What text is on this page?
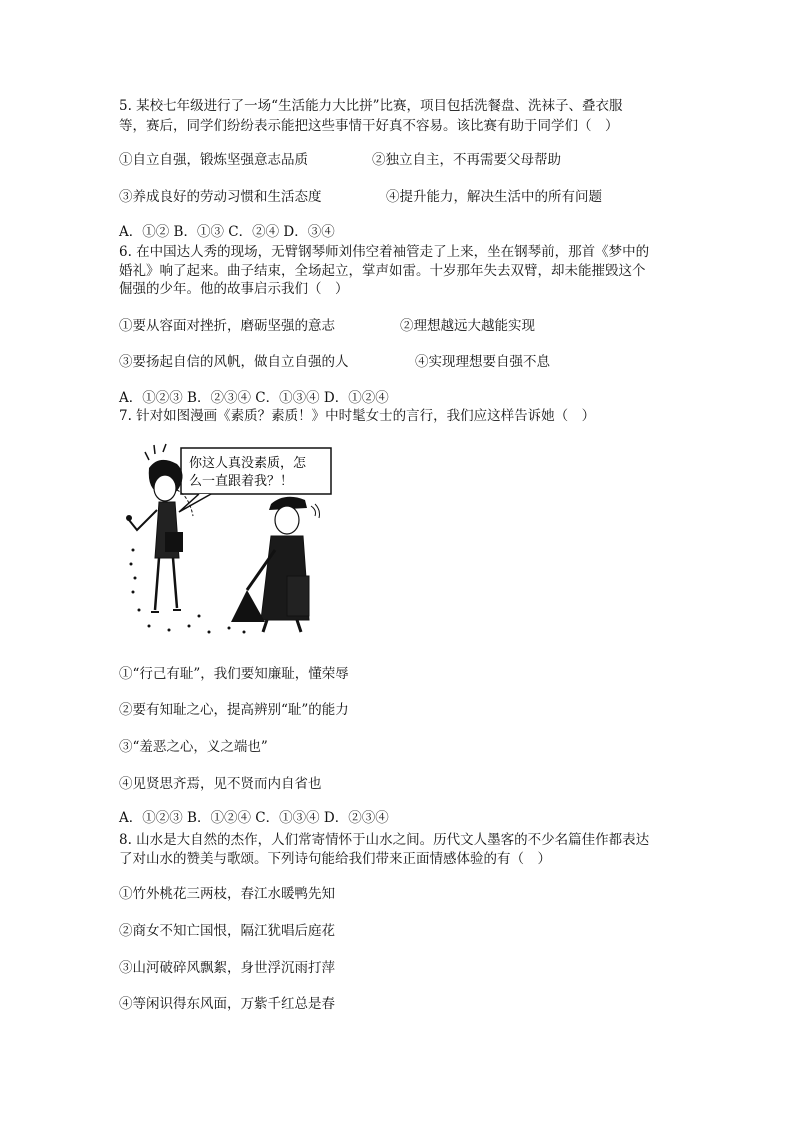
5. 某校七年级进行了一场“生活能力大比拼”比赛，项目包括洗餐盘、洗袜子、叠衣服
等，赛后，同学们纷纷表示能把这些事情干好真不容易。该比赛有助于同学们（　）
①自立自强，锻炼坚强意志品质	②独立自主，不再需要父母帮助
③养成良好的劳动习惯和生活态度	④提升能力，解决生活中的所有问题
A．①② B．①③ C．②④ D．③④
6. 在中国达人秀的现场，无臂钢琴师刘伟空着袖管走了上来，坐在钢琴前，那首《梦中的
婚礼》响了起来。曲子结束，全场起立，掌声如雷。十岁那年失去双臂，却未能摧毁这个
倔强的少年。他的故事启示我们（　）
①要从容面对挫折，磨砺坚强的意志	②理想越远大越能实现
③要扬起自信的风帆，做自立自强的人	④实现理想要自强不息
A．①②③ B．②③④ C．①③④ D．①②④
7. 针对如图漫画《素质？素质！》中时髦女士的言行，我们应这样告诉她（　）
你这人真没素质，怎
么一直跟着我？！
①“行己有耻”，我们要知廉耻，懂荣辱
②要有知耻之心，提高辨别“耻”的能力
③“羞恶之心，义之端也”
④见贤思齐焉，见不贤而内自省也
A．①②③ B．①②④ C．①③④ D．②③④
8. 山水是大自然的杰作，人们常寄情怀于山水之间。历代文人墨客的不少名篇佳作都表达
了对山水的赞美与歌颂。下列诗句能给我们带来正面情感体验的有（　）
①竹外桃花三两枝，春江水暖鸭先知
②商女不知亡国恨，隔江犹唱后庭花
③山河破碎风飘絮，身世浮沉雨打萍
④等闲识得东风面，万紫千红总是春
